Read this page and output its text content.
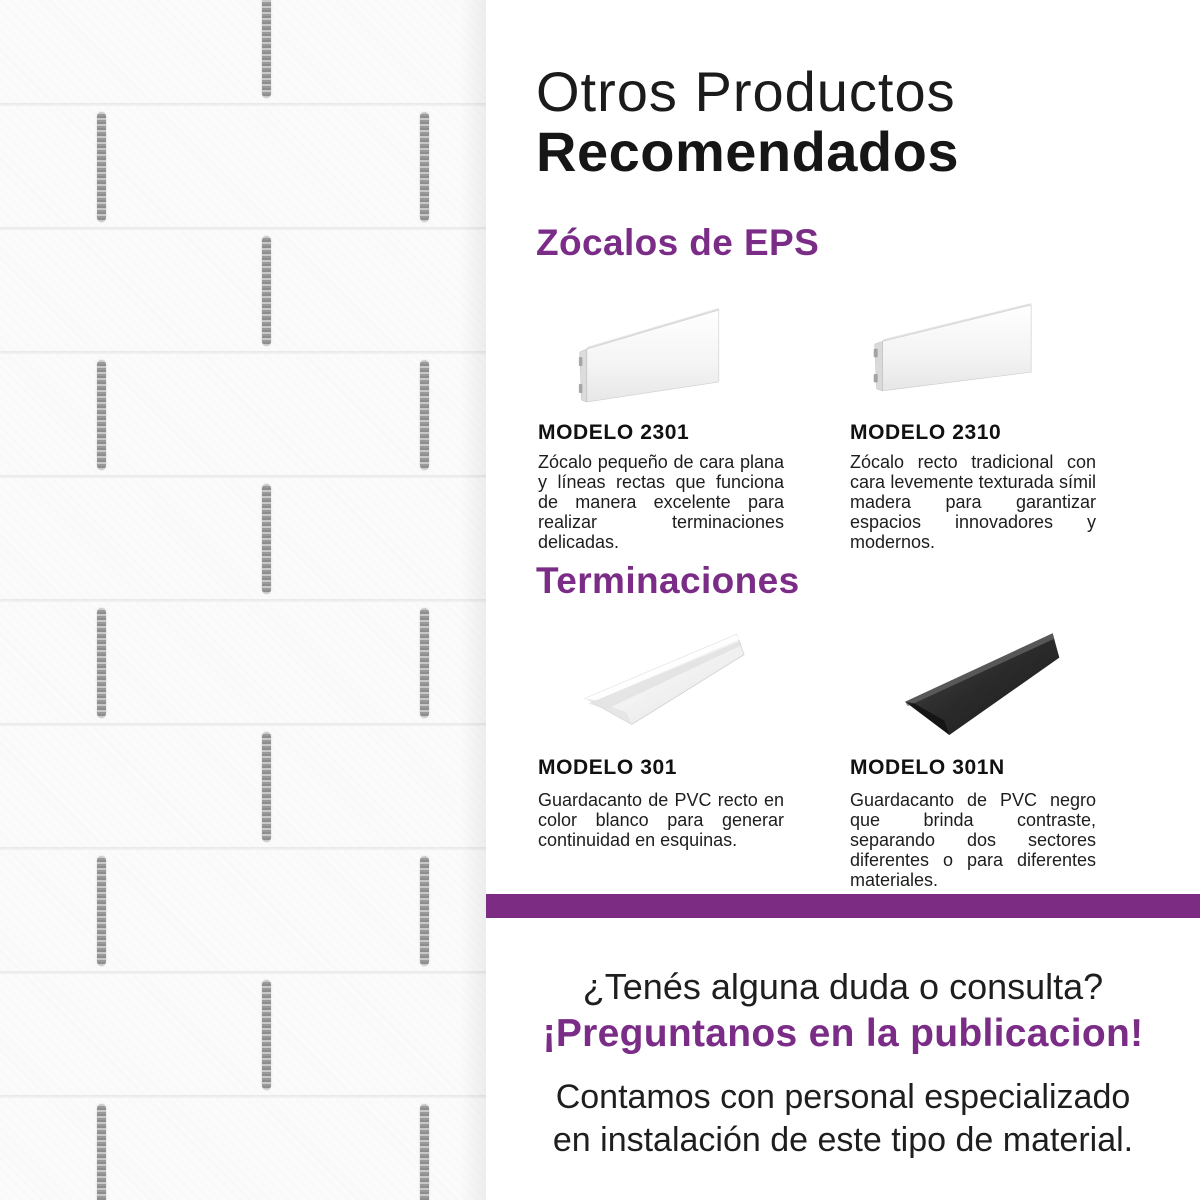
Otros Productos
Recomendados
Zócalos de EPS
MODELO 2301
Zócalo pequeño de cara plana y líneas rectas que funciona de manera excelente para realizar terminaciones delicadas.
MODELO 2310
Zócalo recto tradicional con cara levemente texturada símil madera para garantizar espacios innovadores y modernos.
Terminaciones
MODELO 301
Guardacanto de PVC recto en color blanco para generar continuidad en esquinas.
MODELO 301N
Guardacanto de PVC negro que brinda contraste, separando dos sectores diferentes o para diferentes materiales.
¿Tenés alguna duda o consulta?
¡Preguntanos en la publicacion!
Contamos con personal especializado
en instalación de este tipo de material.
